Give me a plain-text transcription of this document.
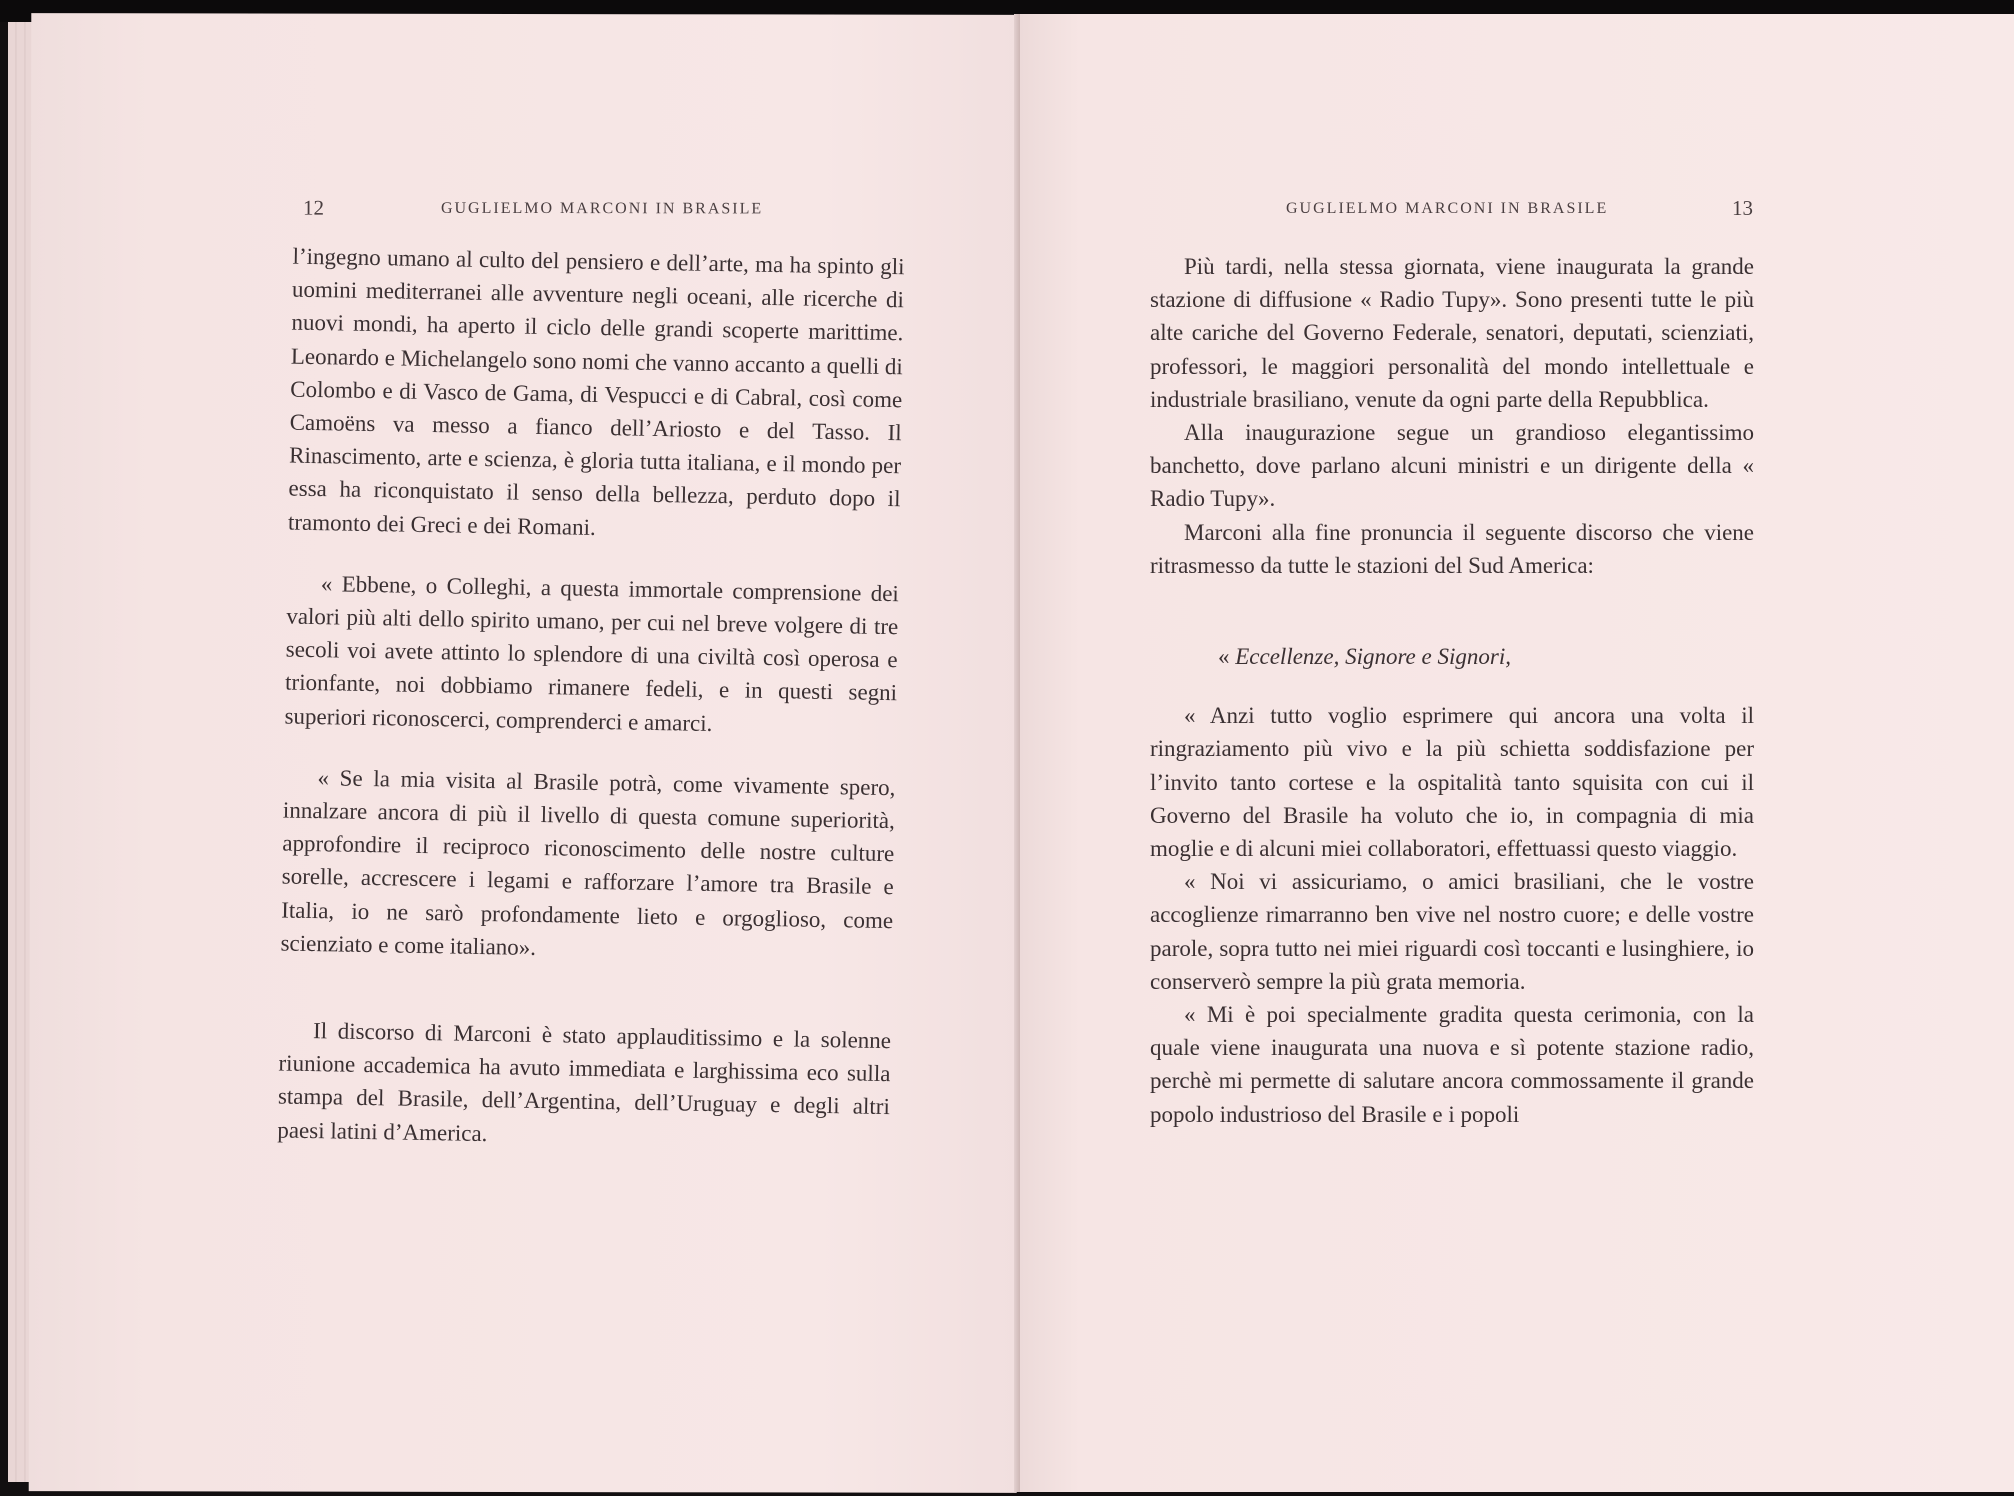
12	GUGLIELMO MARCONI IN BRASILE

l’ingegno umano al culto del pensiero e dell’arte, ma ha spinto gli uomini mediterranei alle avventure negli oceani, alle ricerche di nuovi mondi, ha aperto il ciclo delle grandi scoperte marittime. Leonardo e Michelangelo sono nomi che vanno accanto a quelli di Colombo e di Vasco de Gama, di Vespucci e di Cabral, così come Camoëns va messo a fianco dell’Ariosto e del Tasso. Il Rinascimento, arte e scienza, è gloria tutta italiana, e il mondo per essa ha riconquistato il senso della bellezza, perduto dopo il tramonto dei Greci e dei Romani.

« Ebbene, o Colleghi, a questa immortale comprensione dei valori più alti dello spirito umano, per cui nel breve volgere di tre secoli voi avete attinto lo splendore di una civiltà così operosa e trionfante, noi dobbiamo rimanere fedeli, e in questi segni superiori riconoscerci, comprenderci e amarci.

« Se la mia visita al Brasile potrà, come vivamente spero, innalzare ancora di più il livello di questa comune superiorità, approfondire il reciproco riconoscimento delle nostre culture sorelle, accrescere i legami e rafforzare l’amore tra Brasile e Italia, io ne sarò profondamente lieto e orgoglioso, come scienziato e come italiano».

Il discorso di Marconi è stato applauditissimo e la solenne riunione accademica ha avuto immediata e larghissima eco sulla stampa del Brasile, dell’Argentina, dell’Uruguay e degli altri paesi latini d’America.

GUGLIELMO MARCONI IN BRASILE	13

Più tardi, nella stessa giornata, viene inaugurata la grande stazione di diffusione « Radio Tupy». Sono presenti tutte le più alte cariche del Governo Federale, senatori, deputati, scienziati, professori, le maggiori personalità del mondo intellettuale e industriale brasiliano, venute da ogni parte della Repubblica.

Alla inaugurazione segue un grandioso elegantissimo banchetto, dove parlano alcuni ministri e un dirigente della « Radio Tupy».

Marconi alla fine pronuncia il seguente discorso che viene ritrasmesso da tutte le stazioni del Sud America:

« Eccellenze, Signore e Signori,

« Anzi tutto voglio esprimere qui ancora una volta il ringraziamento più vivo e la più schietta soddisfazione per l’invito tanto cortese e la ospitalità tanto squisita con cui il Governo del Brasile ha voluto che io, in compagnia di mia moglie e di alcuni miei collaboratori, effettuassi questo viaggio.

« Noi vi assicuriamo, o amici brasiliani, che le vostre accoglienze rimarranno ben vive nel nostro cuore; e delle vostre parole, sopra tutto nei miei riguardi così toccanti e lusinghiere, io conserverò sempre la più grata memoria.

« Mi è poi specialmente gradita questa cerimonia, con la quale viene inaugurata una nuova e sì potente stazione radio, perchè mi permette di salutare ancora commossamente il grande popolo industrioso del Brasile e i popoli
